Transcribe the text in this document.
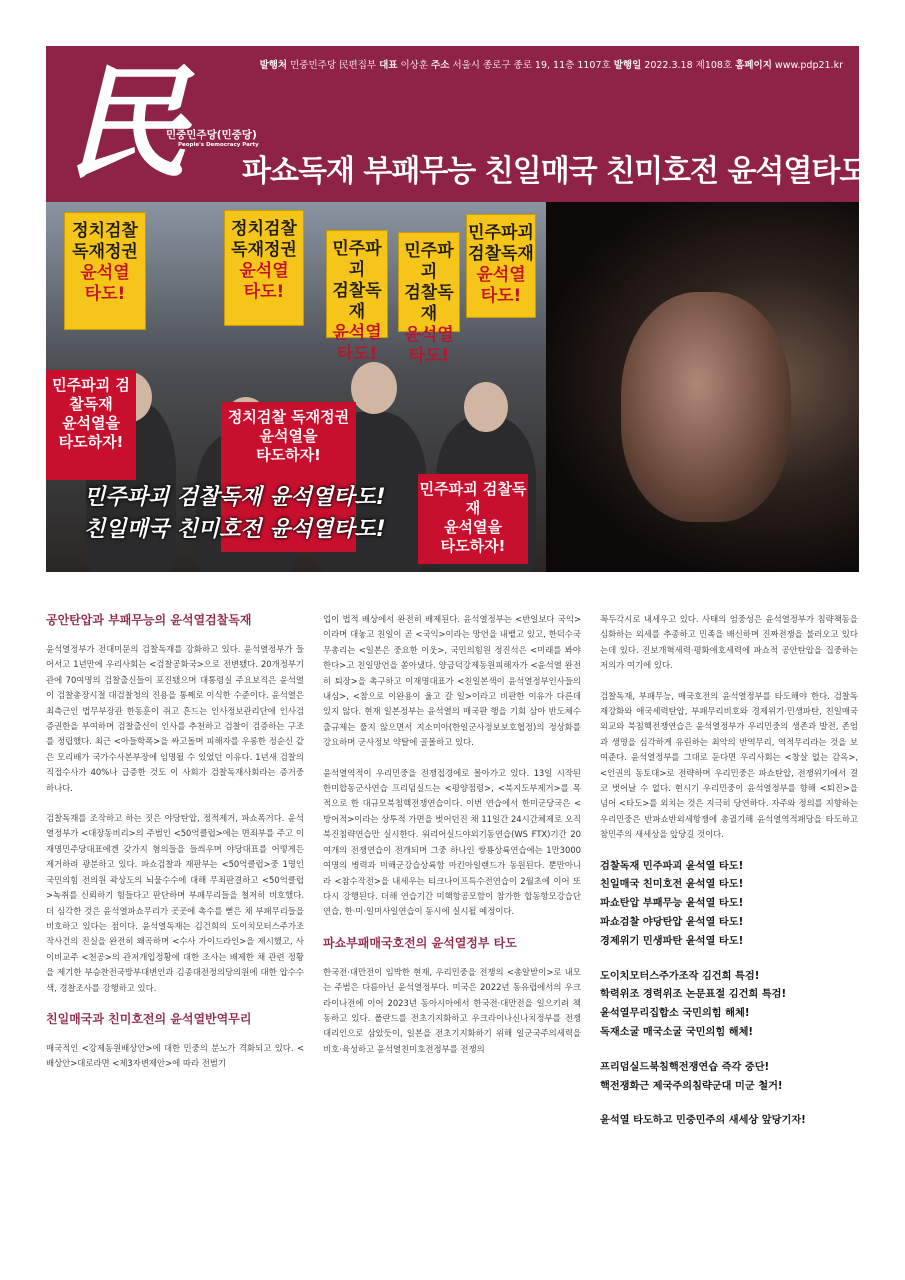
발행처 민중민주당 民편집부 대표 이상훈 주소 서울시 종로구 종로 19, 11층 1107호 발행일 2022.3.18 제108호 홈페이지 www.pdp21.kr
民
민중민주당(민중당)
People's Democracy Party
파쇼독재 부패무능 친일매국 친미호전 윤석열타도!
정치검찰
독재정권
윤석열
타도!
정치검찰
독재정권
윤석열
타도!
민주파괴
검찰독재
윤석열
타도!
민주파괴
검찰독재
윤석열
타도!
민주파괴
검찰독재
윤석열
타도!
정치검찰 독재정권
윤석열을
타도하자!
민주파괴 검찰독재
윤석열을
타도하자!
민주파괴 검찰독재
윤석열을
타도하자!
민주파괴 검찰독재 윤석열타도!
친일매국 친미호전 윤석열타도!
공안탄압과 부패무능의 윤석열검찰독재

윤석열정부가 전대미문의 검찰독재를 강화하고 있다. 윤석열정부가 들어서고 1년만에 우리사회는 <검찰공화국>으로 전변됐다. 20개정부기관에 70여명의 검찰출신들이 포진됐으며 대통령실 주요보직은 윤석열이 검찰총장시절 대검찰청의 진용을 통째로 이식한 수준이다. 윤석열은 최측근인 법무부장관 한동훈이 쥐고 흔드는 인사정보관리단에 인사검증권한을 부여하며 검찰출신이 인사를 추천하고 검찰이 검증하는 구조를 정립했다. 최근 <아들학폭>을 싸고돌며 피해자를 우롱한 정순신 같은 모리배가 국가수사본부장에 임명될 수 있었던 이유다. 1년새 검찰의 직접수사가 40%나 급증한 것도 이 사회가 검찰독재사회라는 증거중 하나다.

검찰독재를 조작하고 하는 짓은 야당탄압, 정적제거, 파쇼폭거다. 윤석열정부가 <대장동비리>의 주범인 <50억클럽>에는 면죄부를 주고 이재명민주당대표에겐 갖가지 혐의들을 들씌우며 야당대표를 어떻게든 제거하려 광분하고 있다. 파쇼검찰과 재판부는 <50억클럽>중 1명인 국민의힘 전의원 곽상도의 뇌물수수에 대해 무죄판결하고 <50억클럽>녹취를 신뢰하기 힘들다고 판단하며 부패무리들을 철저히 비호했다. 더 심각한 것은 윤석열파쇼무리가 곳곳에 촉수를 뻗은 채 부패무리들을 비호하고 있다는 점이다. 윤석열독재는 김건희의 도이치모터스주가조작사건의 진실을 완전히 왜곡하며 <수사 가이드라인>을 제시했고, 사이비교주 <천공>의 관저개입정황에 대한 조사는 배제한 채 관련 정황을 제기한 부승찬전국방부대변인과 김종대전정의당의원에 대한 압수수색, 경찰조사를 강행하고 있다.

친일매국과 친미호전의 윤석열반역무리

매국적인 <강제동원배상안>에 대한 민중의 분노가 격화되고 있다. <배상안>대로라면 <제3자변제안>에 따라 전범기

업이 법적 배상에서 완전히 배제된다. 윤석열정부는 <반일보다 국익>이라며 대놓고 친일이 곧 <국익>이라는 망언을 내뱉고 있고, 한덕수국무총리는 <일본은 중요한 이웃>, 국민의힘원 정진석은 <미래를 봐야 한다>고 친일망언을 쏟아냈다. 양금덕강제동원피해자가 <윤석열 완전히 퇴장>을 촉구하고 이재명대표가 <친일본색이 윤석열정부인사들의 내심>, <참으로 이완용이 울고 갈 일>이라고 비판한 이유가 다른데 있지 않다. 현재 일본정부는 윤석열의 매국판 행을 기회 삼아 반도체수출규제는 풀지 않으면서 지소미아(한일군사정보보호협정)의 정상화를 강요하며 군사정보 약탈에 골몰하고 있다.

윤석열역적이 우리민중을 전쟁접경에로 몰아가고 있다. 13일 시작된 한미합동군사연습 프리덤실드는 <평양점령>, <북지도부제거>를 목적으로 한 대규모북침핵전쟁연습이다. 이번 연습에서 한미군당국은 <방어적>이라는 상투적 가면을 벗어던진 채 11일간 24시간체제로 오직 북진침략연습만 실시한다. 워리어실드야외기동연습(WS FTX)기간 20여개의 전쟁연습이 전개되며 그중 하나인 쌍룡상륙연습에는 1만3000여명의 병력과 미해군강습상륙함 마킨아일랜드가 동원된다. 뿐만아니라 <참수작전>을 내세우는 티크나이프특수전연습이 2월초에 이어 또다시 강행된다. 더해 연습기간 미핵항공모함이 참가한 합동항모강습단연습, 한·미·일미사일연습이 동시에 실시될 예정이다.

파쇼부패매국호전의 윤석열정부 타도

한국전·대만전이 임박한 현재, 우리민중을 전쟁의 <총알받이>로 내모는 주범은 다름아닌 윤석열정부다. 미국은 2022년 동유럽에서의 우크라이나전에 이어 2023년 동아시아에서 한국전·대만전을 일으키려 책동하고 있다. 폴란드를 전초기지화하고 우크라이나신나치정부를 전쟁대리인으로 삼았듯이, 일본을 전초기지화하기 위해 일군국주의세력을 비호·육성하고 윤석열친미호전정부를 전쟁의

꼭두각시로 내세우고 있다. 사태의 엄중성은 윤석열정부가 침략책동을 심화하는 외세를 추종하고 민족을 배신하며 진짜전쟁을 불러오고 있다는데 있다. 진보개혁세력·평화애호세력에 파쇼적 공안탄압을 집중하는 저의가 여기에 있다.

검찰독재, 부패무능, 매국호전의 윤석열정부를 타도해야 한다. 검찰독재강화와 애국세력탄압, 부패무리비호와 경제위기·민생파탄, 친일매국외교와 북침핵전쟁연습은 윤석열정부가 우리민중의 생존과 발전, 존엄과 생명을 심각하게 유린하는 최악의 반역무리, 역적무리라는 것을 보여준다. 윤석열정부를 그대로 둔다면 우리사회는 <창살 없는 감옥>, <인권의 동토대>로 전략하며 우리민중은 파쇼탄압, 전쟁위기에서 결코 벗어날 수 없다. 현시기 우리민중이 윤석열정부를 향해 <퇴진>을 넘어 <타도>를 외치는 것은 지극히 당연하다. 자주와 정의를 지향하는 우리민중은 반파쇼반외세항쟁에 총궐기해 윤석열역적패당을 타도하고 참민주의 새세상을 앞당길 것이다.

검찰독재 민주파괴 윤석열 타도!
친일매국 친미호전 윤석열 타도!
파쇼탄압 부패무능 윤석열 타도!
파쇼검찰 야당탄압 윤석열 타도!
경제위기 민생파탄 윤석열 타도!
도이치모터스주가조작 김건희 특검!
학력위조 경력위조 논문표절 김건희 특검!
윤석열무리집합소 국민의힘 해체!
독재소굴 매국소굴 국민의힘 해체!
프리덤실드북침핵전쟁연습 즉각 중단!
핵전쟁화근 제국주의침략군대 미군 철거!
윤석열 타도하고 민중민주의 새세상 앞당기자!
